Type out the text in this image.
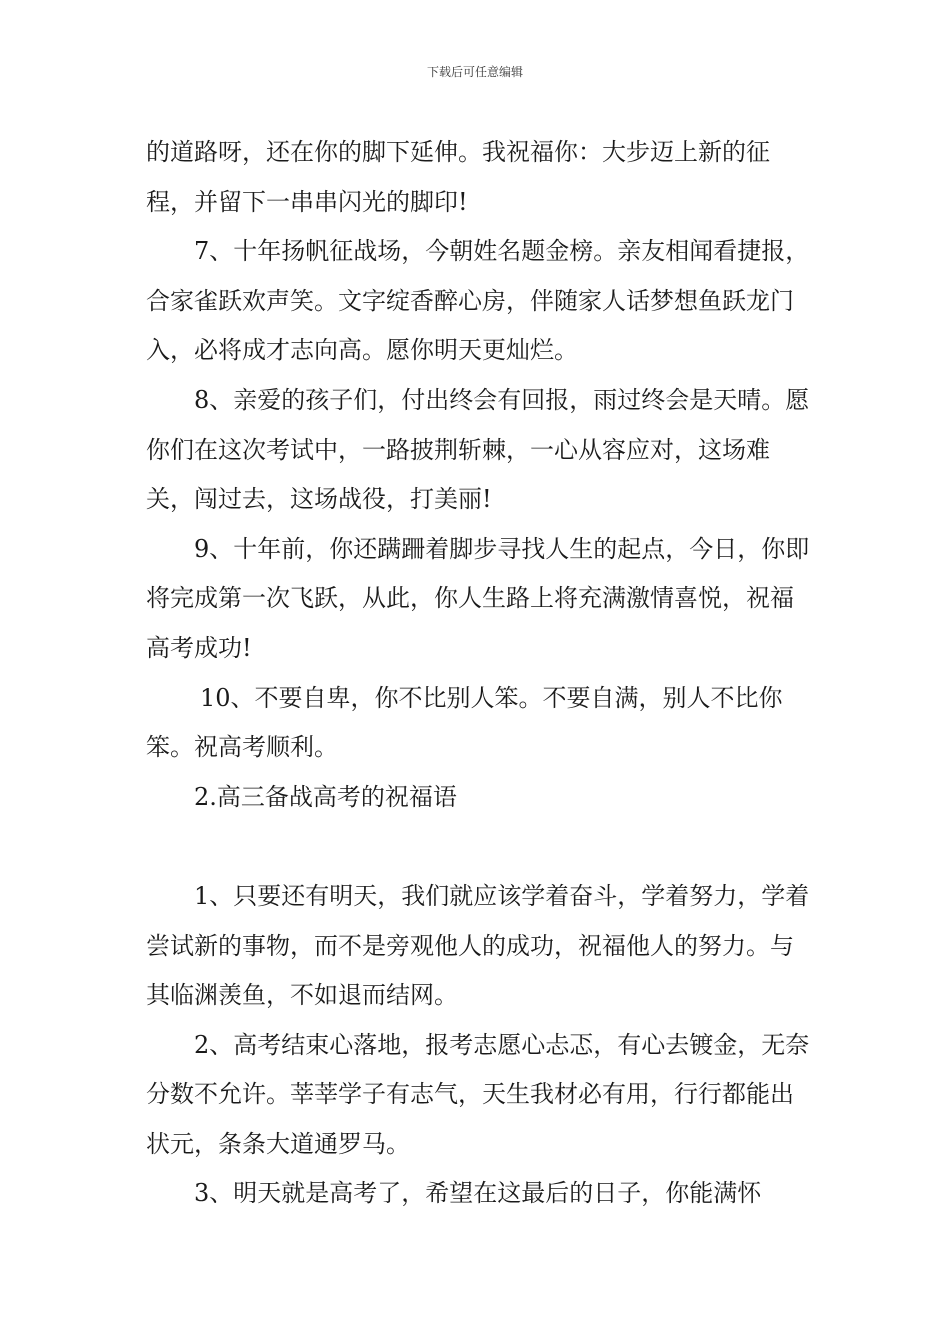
下载后可任意编辑

的道路呀，还在你的脚下延伸。我祝福你：大步迈上新的征程，并留下一串串闪光的脚印!

7、十年扬帆征战场，今朝姓名题金榜。亲友相闻看捷报，合家雀跃欢声笑。文字绽香醉心房，伴随家人话梦想鱼跃龙门入，必将成才志向高。愿你明天更灿烂。

8、亲爱的孩子们，付出终会有回报，雨过终会是天晴。愿你们在这次考试中，一路披荆斩棘，一心从容应对，这场难关，闯过去，这场战役，打美丽!

9、十年前，你还蹒跚着脚步寻找人生的起点，今日，你即将完成第一次飞跃，从此，你人生路上将充满激情喜悦，祝福高考成功!

10、不要自卑，你不比别人笨。不要自满，别人不比你笨。祝高考顺利。

2.高三备战高考的祝福语

1、只要还有明天，我们就应该学着奋斗，学着努力，学着尝试新的事物，而不是旁观他人的成功，祝福他人的努力。与其临渊羡鱼，不如退而结网。

2、高考结束心落地，报考志愿心忐忑，有心去镀金，无奈分数不允许。莘莘学子有志气，天生我材必有用，行行都能出状元，条条大道通罗马。

3、明天就是高考了，希望在这最后的日子，你能满怀
